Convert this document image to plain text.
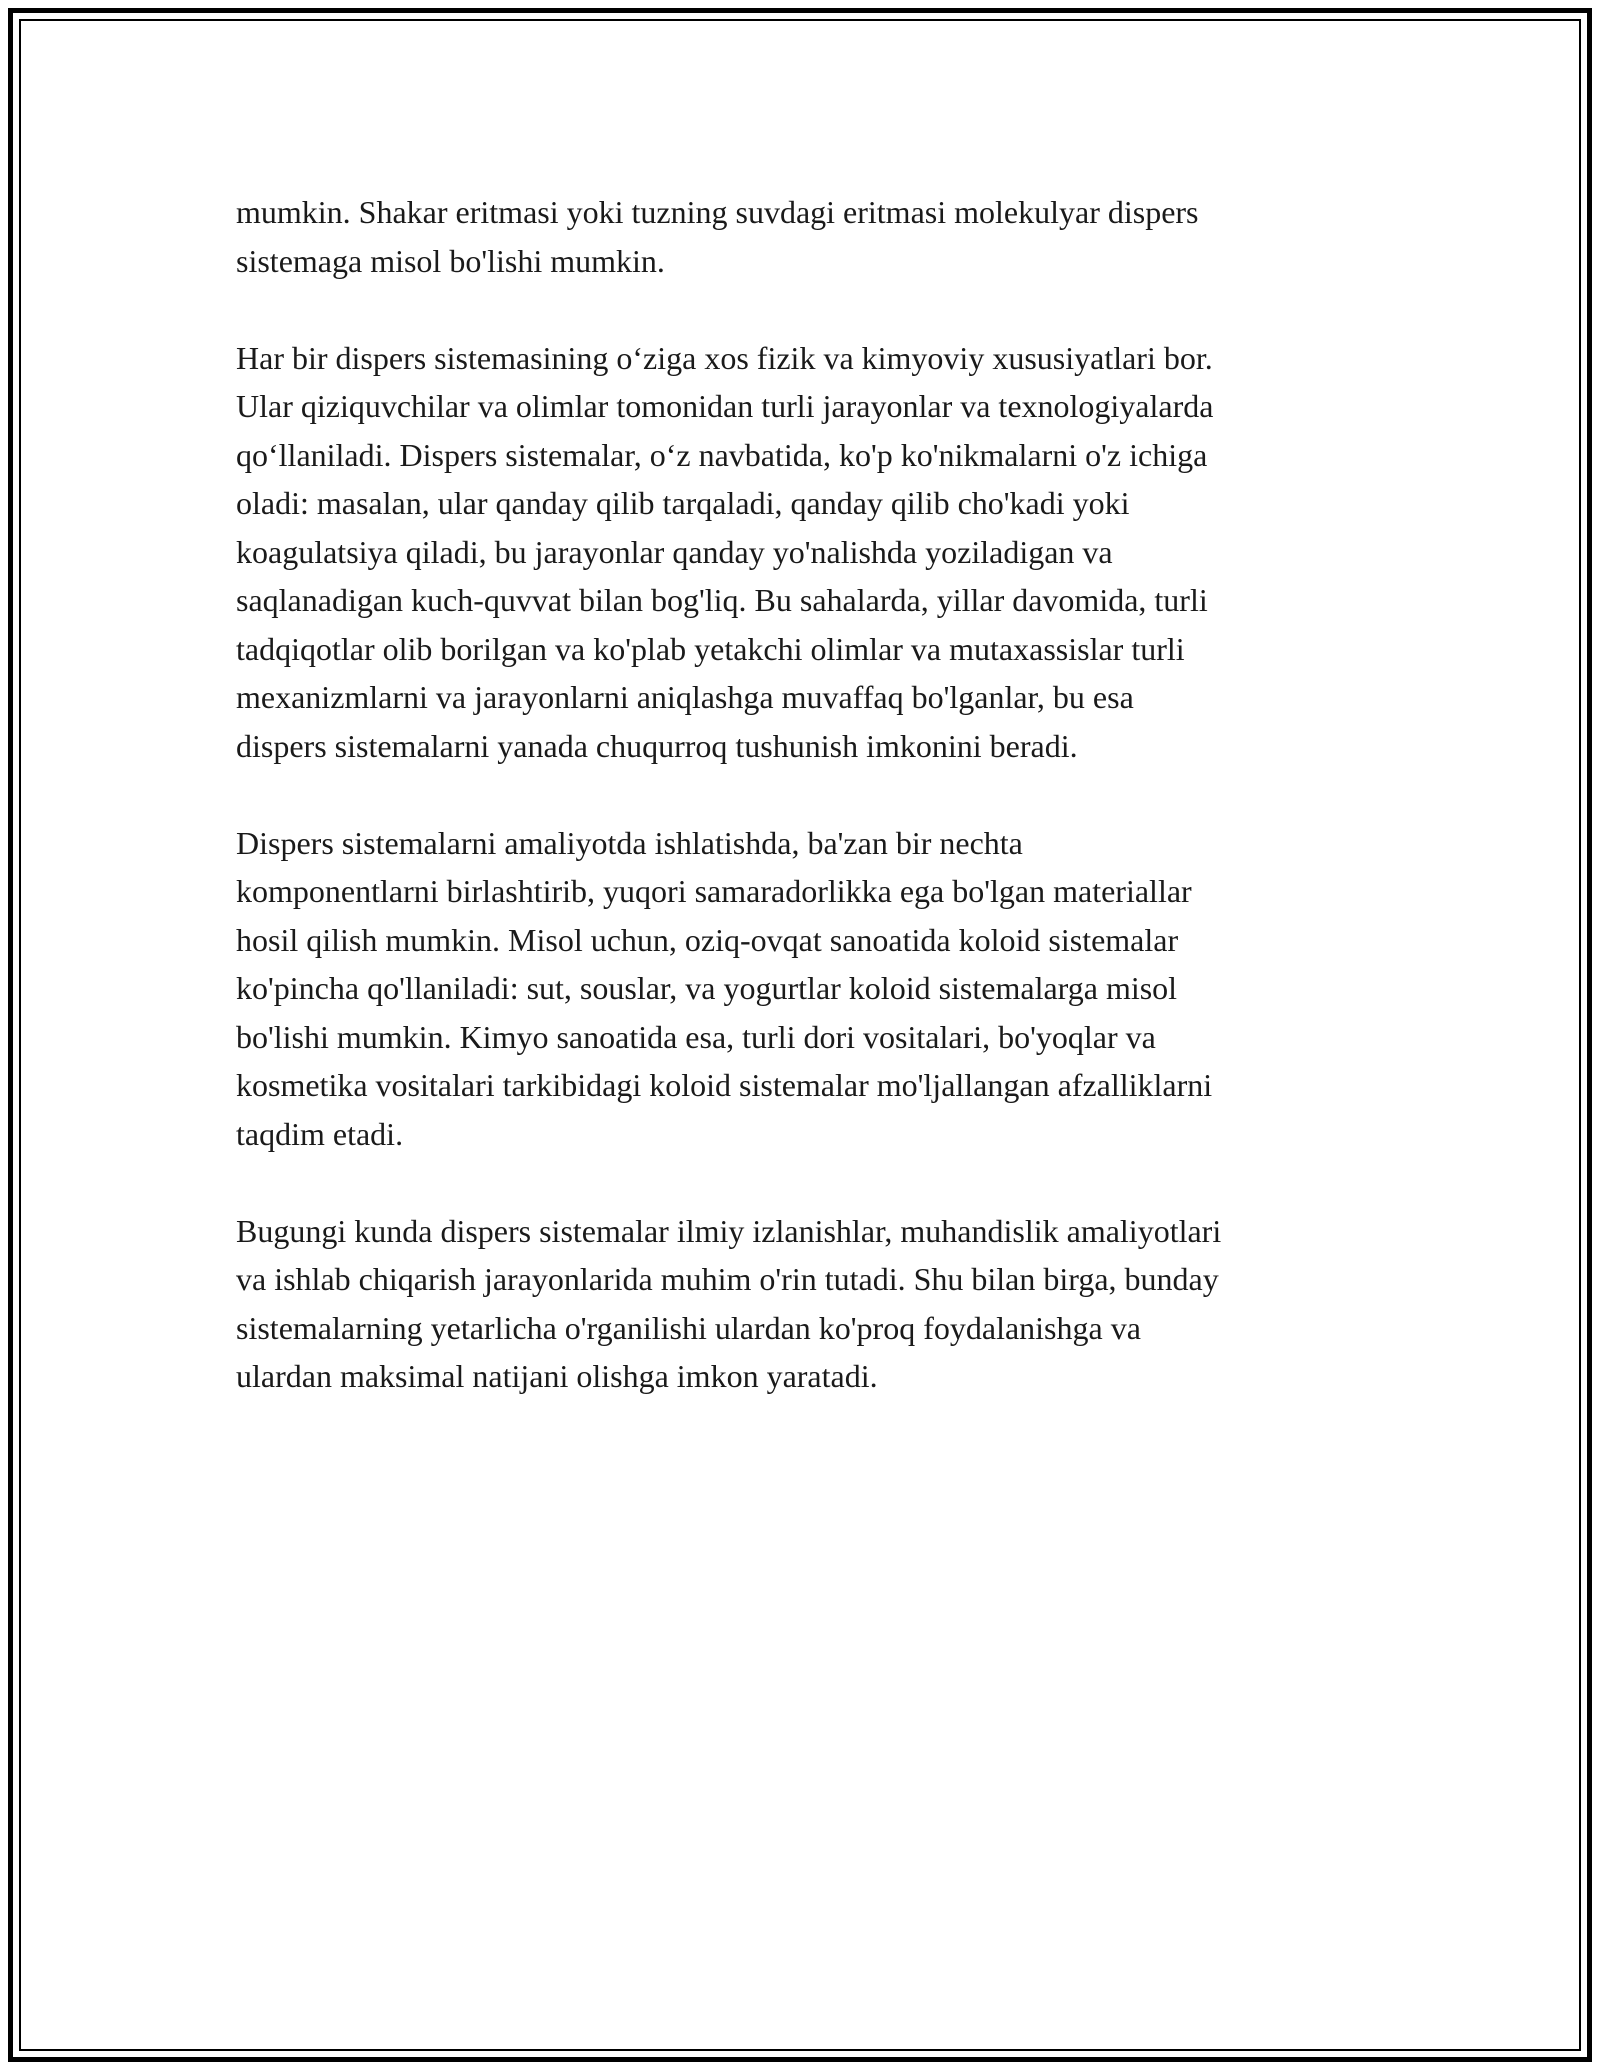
mumkin. Shakar eritmasi yoki tuzning suvdagi eritmasi molekulyar dispers
sistemaga misol bo'lishi mumkin.

Har bir dispers sistemasining o‘ziga xos fizik va kimyoviy xususiyatlari bor.
Ular qiziquvchilar va olimlar tomonidan turli jarayonlar va texnologiyalarda
qo‘llaniladi. Dispers sistemalar, o‘z navbatida, ko'p ko'nikmalarni o'z ichiga
oladi: masalan, ular qanday qilib tarqaladi, qanday qilib cho'kadi yoki
koagulatsiya qiladi, bu jarayonlar qanday yo'nalishda yoziladigan va
saqlanadigan kuch-quvvat bilan bog'liq. Bu sahalarda, yillar davomida, turli
tadqiqotlar olib borilgan va ko'plab yetakchi olimlar va mutaxassislar turli
mexanizmlarni va jarayonlarni aniqlashga muvaffaq bo'lganlar, bu esa
dispers sistemalarni yanada chuqurroq tushunish imkonini beradi.

Dispers sistemalarni amaliyotda ishlatishda, ba'zan bir nechta
komponentlarni birlashtirib, yuqori samaradorlikka ega bo'lgan materiallar
hosil qilish mumkin. Misol uchun, oziq-ovqat sanoatida koloid sistemalar
ko'pincha qo'llaniladi: sut, souslar, va yogurtlar koloid sistemalarga misol
bo'lishi mumkin. Kimyo sanoatida esa, turli dori vositalari, bo'yoqlar va
kosmetika vositalari tarkibidagi koloid sistemalar mo'ljallangan afzalliklarni
taqdim etadi.

Bugungi kunda dispers sistemalar ilmiy izlanishlar, muhandislik amaliyotlari
va ishlab chiqarish jarayonlarida muhim o'rin tutadi. Shu bilan birga, bunday
sistemalarning yetarlicha o'rganilishi ulardan ko'proq foydalanishga va
ulardan maksimal natijani olishga imkon yaratadi.
